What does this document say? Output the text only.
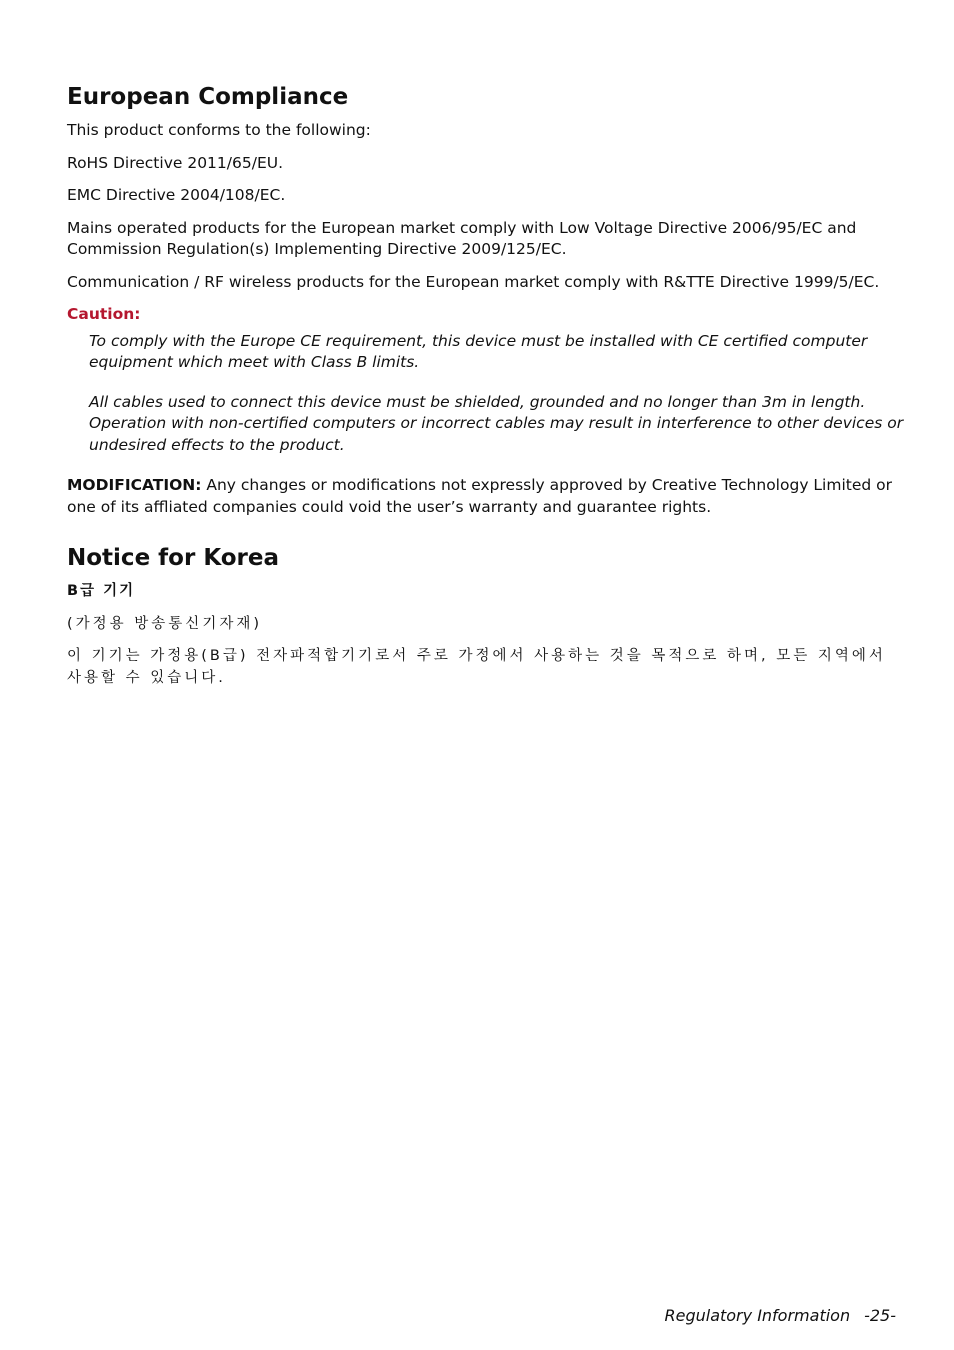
European Compliance

This product conforms to the following:

RoHS Directive 2011/65/EU.

EMC Directive 2004/108/EC.

Mains operated products for the European market comply with Low Voltage Directive 2006/95/EC and Commission Regulation(s) Implementing Directive 2009/125/EC.

Communication / RF wireless products for the European market comply with R&TTE Directive 1999/5/EC.

Caution:

To comply with the Europe CE requirement, this device must be installed with CE certified computer equipment which meet with Class B limits.

All cables used to connect this device must be shielded, grounded and no longer than 3m in length. Operation with non-certified computers or incorrect cables may result in interference to other devices or undesired effects to the product.

MODIFICATION: Any changes or modifications not expressly approved by Creative Technology Limited or one of its affliated companies could void the user’s warranty and guarantee rights.

Notice for Korea

B급 기기

(가정용 방송통신기자재)

이 기기는 가정용(B급) 전자파적합기기로서 주로 가정에서 사용하는 것을 목적으로 하며, 모든 지역에서 사용할 수 있습니다.

Regulatory Information -25-
